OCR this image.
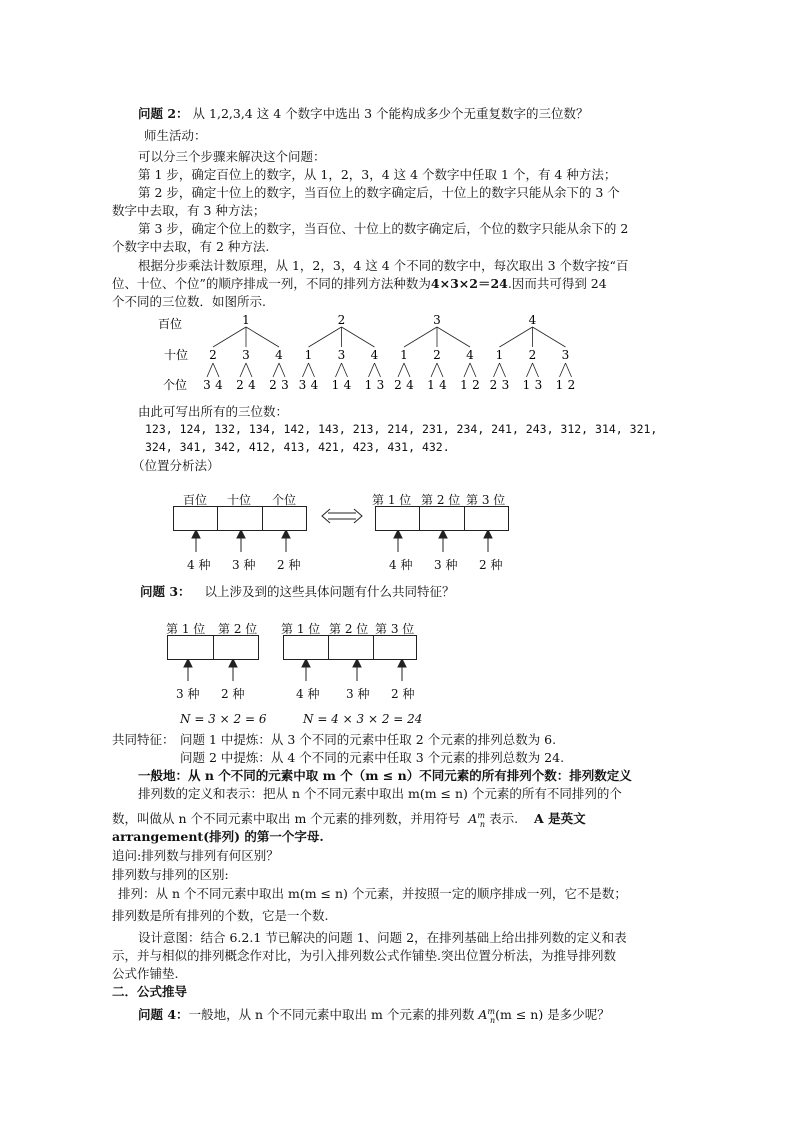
问题 2： 从 1,2,3,4 这 4 个数字中选出 3 个能构成多少个无重复数字的三位数？
师生活动：
可以分三个步骤来解决这个问题：
第 1 步，确定百位上的数字，从 1，2，3，4 这 4 个数字中任取 1 个，有 4 种方法；
第 2 步，确定十位上的数字，当百位上的数字确定后，十位上的数字只能从余下的 3 个
数字中去取，有 3 种方法；
第 3 步，确定个位上的数字，当百位、十位上的数字确定后，个位的数字只能从余下的 2
个数字中去取，有 2 种方法.
根据分步乘法计数原理，从 1，2，3，4 这 4 个不同的数字中，每次取出 3 个数字按“百
位、十位、个位”的顺序排成一列，不同的排列方法种数为4×3×2＝24.因而共可得到 24
个不同的三位数．如图所示.
百位
十位
个位
1
2
3 4
3
2 4
4
2 3
2
1
3 4
3
1 4
4
1 3
3
1
2 4
2
1 4
4
1 2
4
1
2 3
2
1 3
3
1 2
由此可写出所有的三位数：
123, 124, 132, 134, 142, 143, 213, 214, 231, 234, 241, 243, 312, 314, 321,
324, 341, 342, 412, 413, 421, 423, 431, 432.
（位置分析法）
百位 十位 个位	第 1 位 第 2 位 第 3 位
4 种 3 种 2 种	4 种 3 种 2 种
问题 3： 以上涉及到的这些具体问题有什么共同特征？
第 1 位 第 2 位 第 1 位 第 2 位 第 3 位
3 种 2 种	4 种 3 种 2 种
N = 3 × 2 = 6	N = 4 × 3 × 2 = 24
共同特征： 问题 1 中提炼：从 3 个不同的元素中任取 2 个元素的排列总数为 6.
问题 2 中提炼：从 4 个不同的元素中任取 3 个元素的排列总数为 24.
一般地：从 n 个不同的元素中取 m 个（m ≤ n）不同元素的所有排列个数：排列数定义
排列数的定义和表示：把从 n 个不同元素中取出 m(m ≤ n) 个元素的所有不同排列的个
数，叫做从 n 个不同元素中取出 m 个元素的排列数，并用符号 $A^m_n$ 表示. A 是英文
arrangement(排列) 的第一个字母.
追问:排列数与排列有何区别？
排列数与排列的区别:
排列：从 n 个不同元素中取出 m(m ≤ n) 个元素，并按照一定的顺序排成一列，它不是数；
排列数是所有排列的个数，它是一个数.
设计意图：结合 6.2.1 节已解决的问题 1、问题 2，在排列基础上给出排列数的定义和表
示，并与相似的排列概念作对比，为引入排列数公式作铺垫.突出位置分析法，为推导排列数
公式作铺垫.
二．公式推导
问题 4：一般地，从 n 个不同元素中取出 m 个元素的排列数 $A^m_n(m \le n)$ 是多少呢？
